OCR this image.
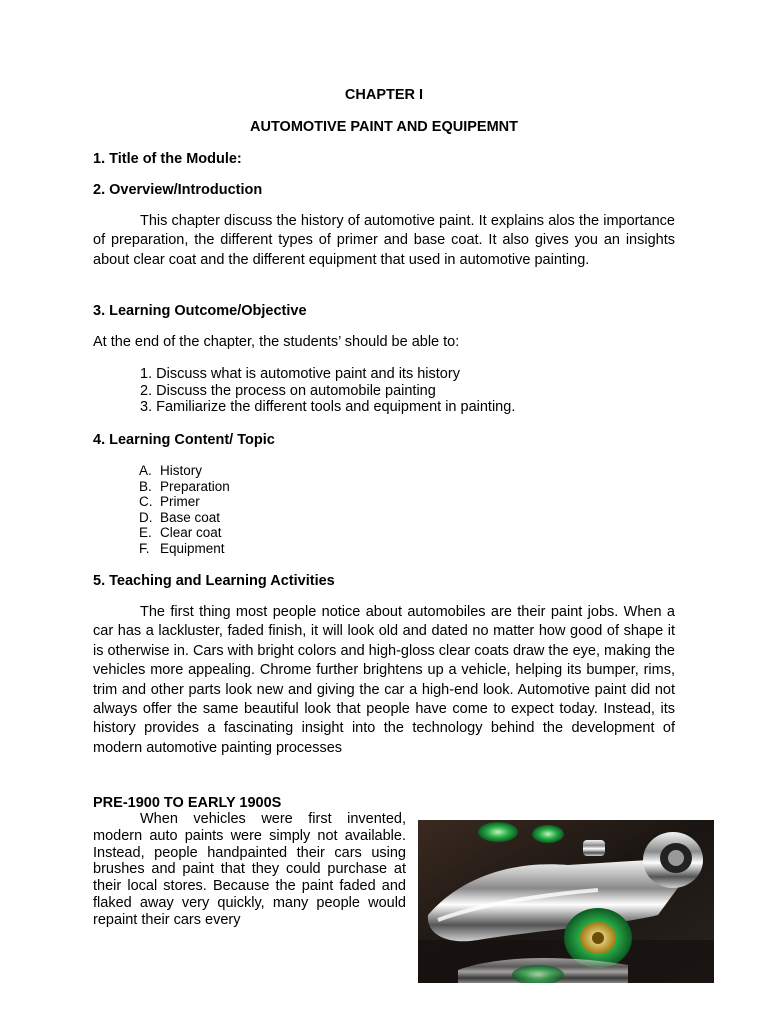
CHAPTER I
AUTOMOTIVE PAINT AND EQUIPEMNT
1. Title of the Module:
2. Overview/Introduction
This chapter discuss the history of automotive paint. It explains alos the importance of preparation, the different types of primer and base coat. It also gives you an insights about clear coat and the different equipment that used in automotive painting.
3. Learning Outcome/Objective
At the end of the chapter, the students’ should be able to:
1. Discuss what is automotive paint and its history
2. Discuss the process on automobile painting
3. Familiarize the different tools and equipment in painting.
4. Learning Content/ Topic
A. History
B. Preparation
C. Primer
D. Base coat
E. Clear coat
F. Equipment
5. Teaching and Learning Activities
The first thing most people notice about automobiles are their paint jobs. When a car has a lackluster, faded finish, it will look old and dated no matter how good of shape it is otherwise in. Cars with bright colors and high-gloss clear coats draw the eye, making the vehicles more appealing. Chrome further brightens up a vehicle, helping its bumper, rims, trim and other parts look new and giving the car a high-end look. Automotive paint did not always offer the same beautiful look that people have come to expect today. Instead, its history provides a fascinating insight into the technology behind the development of modern automotive painting processes
PRE-1900 TO EARLY 1900S
When vehicles were first invented, modern auto paints were simply not available. Instead, people handpainted their cars using brushes and paint that they could purchase at their local stores. Because the paint faded and flaked away very quickly, many people would repaint their cars every
